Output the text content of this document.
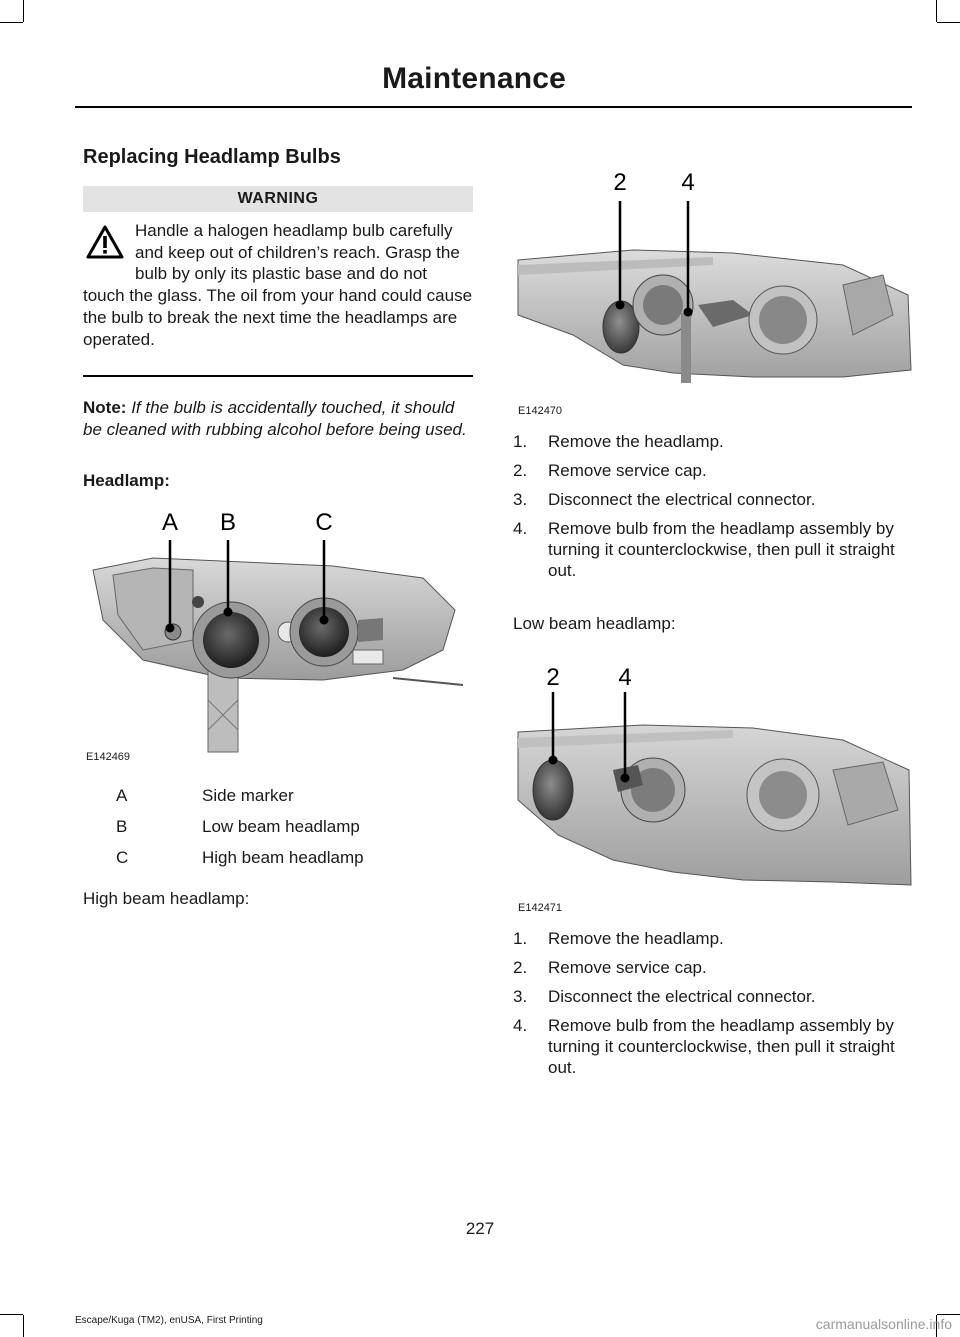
Maintenance
Replacing Headlamp Bulbs
WARNING
Handle a halogen headlamp bulb carefully and keep out of children’s reach. Grasp the bulb by only its plastic base and do not touch the glass. The oil from your hand could cause the bulb to break the next time the headlamps are operated.
Note: If the bulb is accidentally touched, it should be cleaned with rubbing alcohol before being used.
Headlamp:
A B	C
E142469
A	Side marker
B	Low beam headlamp
C	High beam headlamp
High beam headlamp:
2 4
E142470
1. Remove the headlamp.
2. Remove service cap.
3. Disconnect the electrical connector.
4. Remove bulb from the headlamp assembly by turning it counterclockwise, then pull it straight out.
Low beam headlamp:
2 4
E142471
1. Remove the headlamp.
2. Remove service cap.
3. Disconnect the electrical connector.
4. Remove bulb from the headlamp assembly by turning it counterclockwise, then pull it straight out.
227
Escape/Kuga (TM2), enUSA, First Printing	carmanualsonline.info
